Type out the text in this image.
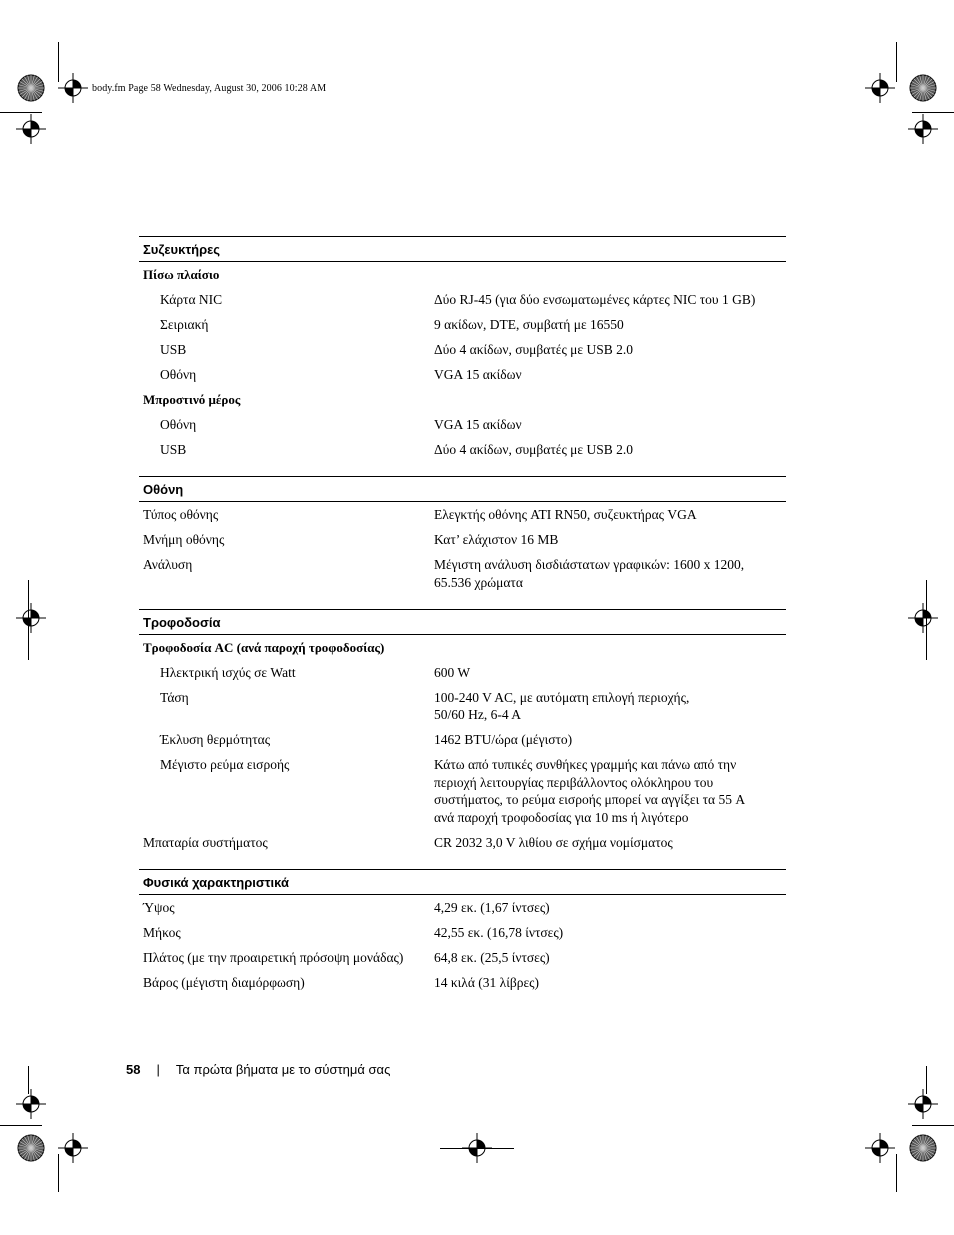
body.fm Page 58 Wednesday, August 30, 2006 10:28 AM
Συζευκτήρες
Πίσω πλαίσιο
Κάρτα NIC	Δύο RJ-45 (για δύο ενσωματωμένες κάρτες NIC του 1 GB)
Σειριακή	9 ακίδων, DTE, συμβατή με 16550
USB	Δύο 4 ακίδων, συμβατές με USB 2.0
Οθόνη	VGA 15 ακίδων
Μπροστινό μέρος
Οθόνη	VGA 15 ακίδων
USB	Δύο 4 ακίδων, συμβατές με USB 2.0
Οθόνη
Τύπος οθόνης	Ελεγκτής οθόνης ATI RN50, συζευκτήρας VGA
Μνήμη οθόνης	Κατ’ ελάχιστον 16 MB
Ανάλυση	Μέγιστη ανάλυση δισδιάστατων γραφικών: 1600 x 1200,
65.536 χρώματα
Τροφοδοσία
Τροφοδοσία AC (ανά παροχή τροφοδοσίας)
Ηλεκτρική ισχύς σε Watt	600 W
Τάση	100-240 V AC, με αυτόματη επιλογή περιοχής,
50/60 Hz, 6-4 A
Έκλυση θερμότητας	1462 BTU/ώρα (μέγιστο)
Μέγιστο ρεύμα εισροής	Κάτω από τυπικές συνθήκες γραμμής και πάνω από την
περιοχή λειτουργίας περιβάλλοντος ολόκληρου του
συστήματος, το ρεύμα εισροής μπορεί να αγγίξει τα 55 A
ανά παροχή τροφοδοσίας για 10 ms ή λιγότερο
Μπαταρία συστήματος	CR 2032 3,0 V λιθίου σε σχήμα νομίσματος
Φυσικά χαρακτηριστικά
Ύψος	4,29 εκ. (1,67 ίντσες)
Μήκος	42,55 εκ. (16,78 ίντσες)
Πλάτος (με την προαιρετική πρόσοψη μονάδας)	64,8 εκ. (25,5 ίντσες)
Βάρος (μέγιστη διαμόρφωση)	14 κιλά (31 λίβρες)
58 | Τα πρώτα βήματα με το σύστημά σας
